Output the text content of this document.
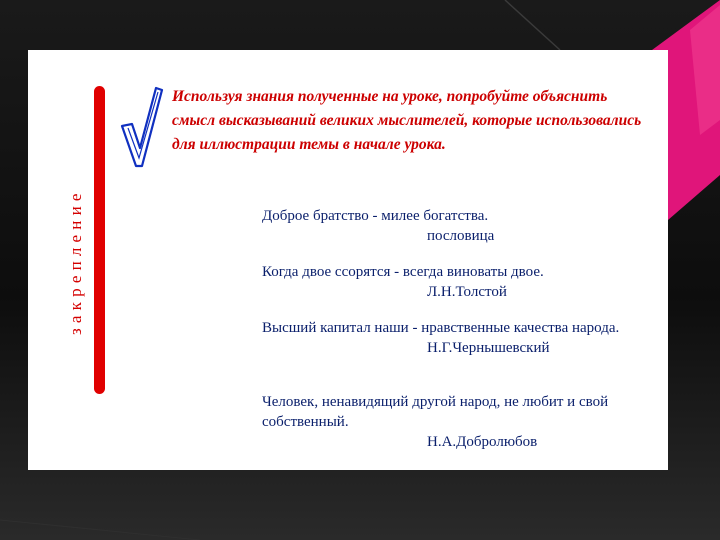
закрепление
Используя знания полученные на уроке, попробуйте объяснить смысл высказываний великих мыслителей, которые использовались для иллюстрации темы в начале урока.
Доброе братство - милее богатства.
пословица
Когда двое ссорятся - всегда виноваты двое.
Л.Н.Толстой
Высший капитал наши - нравственные качества народа.
Н.Г.Чернышевский
Человек, ненавидящий другой народ, не любит и свой собственный.
Н.А.Добролюбов
